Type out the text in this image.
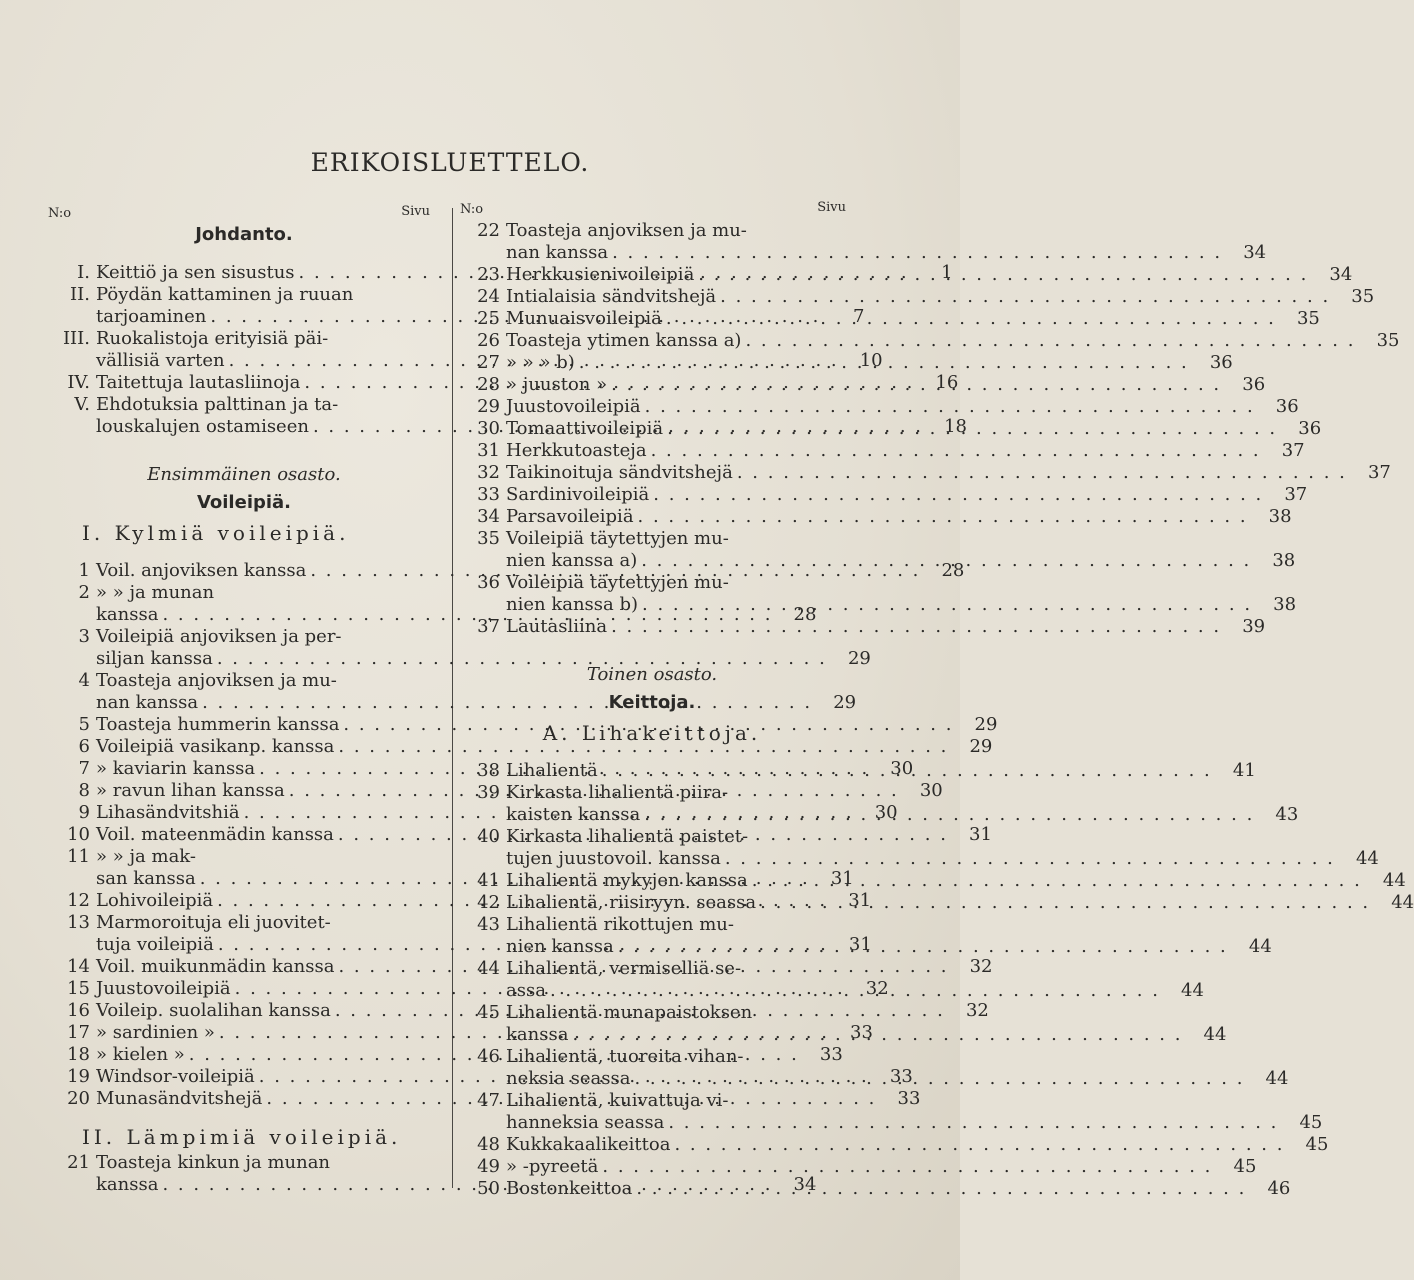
ERIKOISLUETTELO.
N:o	Sivu
Johdanto.
I. Keittiö ja sen sisustus . . .	1
II. Pöydän kattaminen ja ruuan
tarjoaminen . . .	7
III. Ruokalistoja erityisiä päi-
vällisiä varten . . .	10
IV. Taitettuja lautasliinoja . . .	16
V. Ehdotuksia palttinan ja ta-
louskalujen ostamiseen . . .	18
Ensimmäinen osasto.
Voileipiä.
I. Kylmiä voileipiä.
1 Voil. anjoviksen kanssa . . .	28
2 » » ja munan
kanssa . . .	28
3 Voileipiä anjoviksen ja per-
siljan kanssa . . .	29
4 Toasteja anjoviksen ja mu-
nan kanssa . . .	29
5 Toasteja hummerin kanssa . . .	29
6 Voileipiä vasikanp. kanssa . . .	29
7 » kaviarin kanssa . . .	30
8 » ravun lihan kanssa . . .	30
9 Lihasändvitshiä . . .	30
10 Voil. mateenmädin kanssa . . .	31
11 » » ja mak-
san kanssa . . .	31
12 Lohivoileipiä . . .	31
13 Marmoroituja eli juovitet-
tuja voileipiä . . .	31
14 Voil. muikunmädin kanssa . . .	32
15 Juustovoileipiä . . .	32
16 Voileip. suolalihan kanssa . . .	32
17 » sardinien » . . .	33
18 » kielen » . . .	33
19 Windsor-voileipiä . . .	33
20 Munasändvitshejä . . .	33
II. Lämpimiä voileipiä.
21 Toasteja kinkun ja munan
kanssa . . .	34
N:o	Sivu
22 Toasteja anjoviksen ja mu-
nan kanssa . . .	34
23 Herkkusienivoileipiä . . .	34
24 Intialaisia sändvitshejä . . .	35
25 Munuaisvoileipiä . . .	35
26 Toasteja ytimen kanssa a) . . .	35
27 » » » b) . . .	36
28 » juuston » . . .	36
29 Juustovoileipiä . . .	36
30 Tomaattivoileipiä . . .	36
31 Herkkutoasteja . . .	37
32 Taikinoituja sändvitshejä . . .	37
33 Sardinivoileipiä . . .	37
34 Parsavoileipiä . . .	38
35 Voileipiä täytettyjen mu-
nien kanssa a) . . .	38
36 Voileipiä täytettyjen mu-
nien kanssa b) . . .	38
37 Lautasliina . . .	39
Toinen osasto.
Keittoja.
A. Lihakeittoja.
38 Lihalientä . . .	41
39 Kirkasta lihalientä piira-
kaisten kanssa . . .	43
40 Kirkasta lihalientä paistet-
tujen juustovoil. kanssa . . .	44
41 Lihalientä mykyjen kanssa . . .	44
42 Lihalientä, riisiryyn. seassa . . .	44
43 Lihalientä rikottujen mu-
nien kanssa . . .	44
44 Lihalientä, vermiselliä se-
assa . . .	44
45 Lihalientä munapaistoksen
kanssa . . .	44
46 Lihalientä, tuoreita vihan-
neksia seassa . . .	44
47 Lihalientä, kuivattuja vi-
hanneksia seassa . . .	45
48 Kukkakaalikeittoa . . .	45
49 » -pyreetä . . .	45
50 Bostonkeittoa . . .	46
